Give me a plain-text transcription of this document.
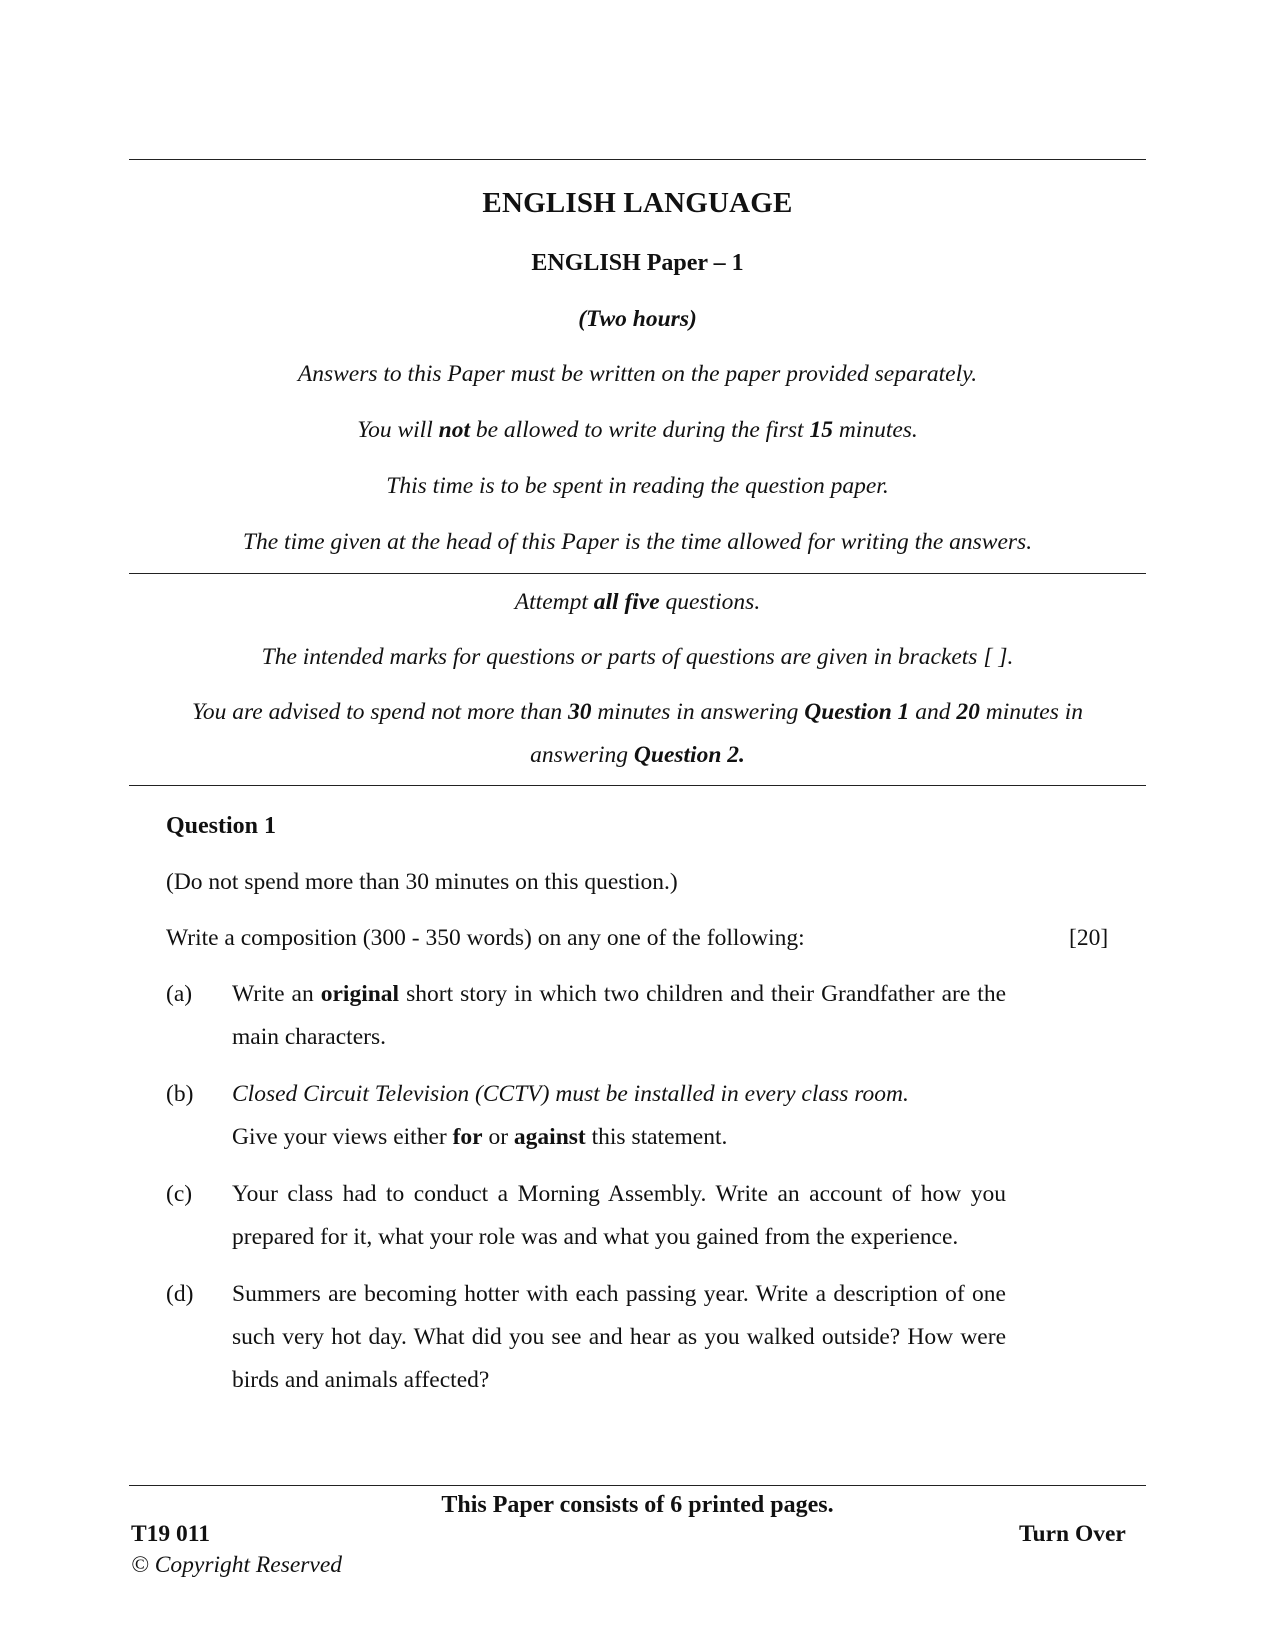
ENGLISH LANGUAGE
ENGLISH Paper – 1
(Two hours)
Answers to this Paper must be written on the paper provided separately.
You will not be allowed to write during the first 15 minutes.
This time is to be spent in reading the question paper.
The time given at the head of this Paper is the time allowed for writing the answers.
Attempt all five questions.
The intended marks for questions or parts of questions are given in brackets [ ].
You are advised to spend not more than 30 minutes in answering Question 1 and 20 minutes in
answering Question 2.
Question 1
(Do not spend more than 30 minutes on this question.)
Write a composition (300 - 350 words) on any one of the following:	[20]
(a) Write an original short story in which two children and their Grandfather are the main characters.
(b) Closed Circuit Television (CCTV) must be installed in every class room.
Give your views either for or against this statement.
(c) Your class had to conduct a Morning Assembly. Write an account of how you prepared for it, what your role was and what you gained from the experience.
(d) Summers are becoming hotter with each passing year. Write a description of one such very hot day. What did you see and hear as you walked outside? How were birds and animals affected?
This Paper consists of 6 printed pages.
T19 011	Turn Over
© Copyright Reserved
